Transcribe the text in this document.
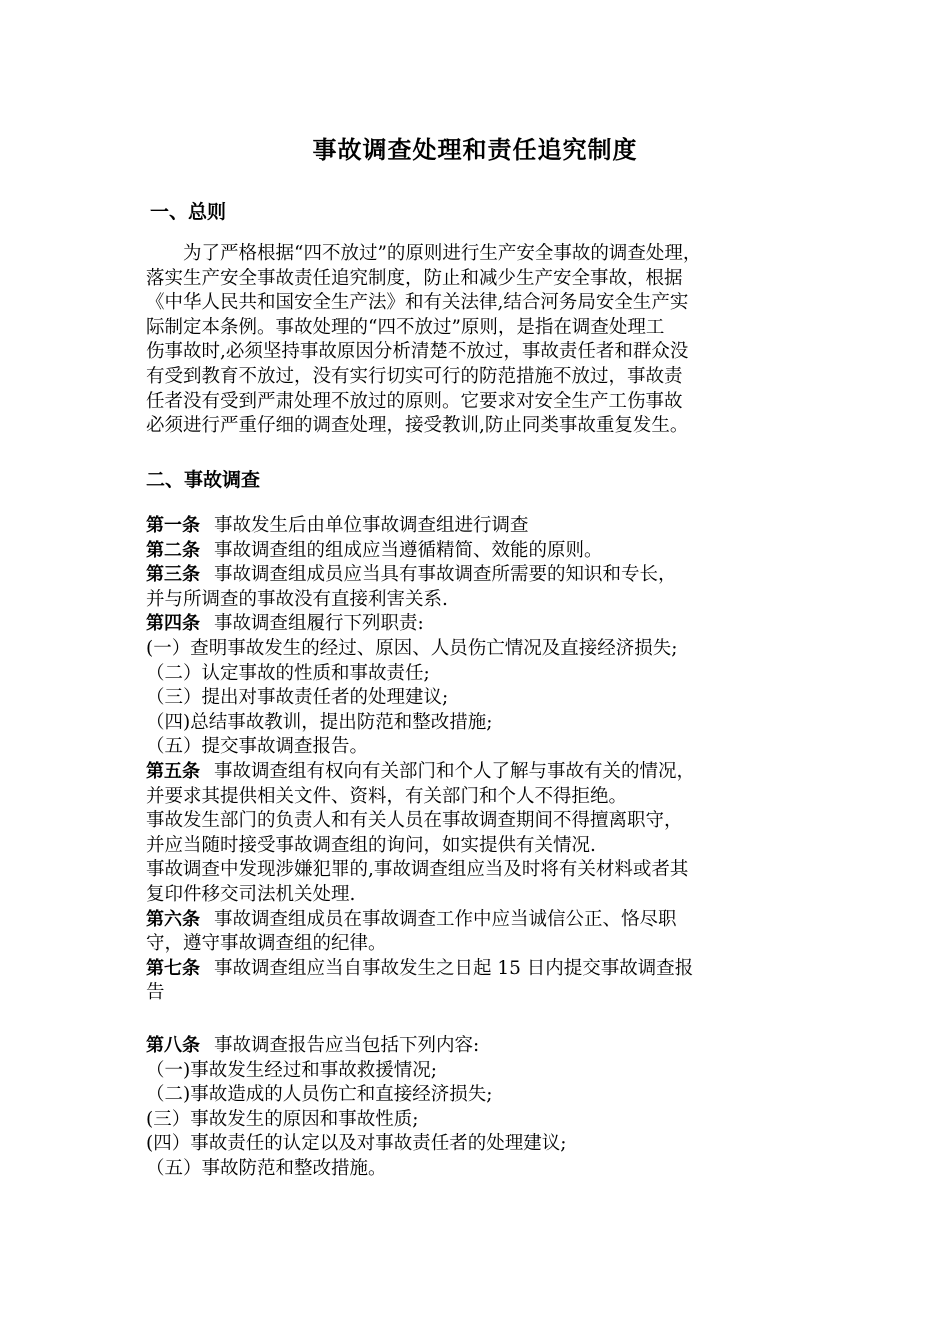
事故调查处理和责任追究制度
一、总则
　　为了严格根据“四不放过”的原则进行生产安全事故的调查处理，
落实生产安全事故责任追究制度，防止和减少生产安全事故，根据
《中华人民共和国安全生产法》和有关法律,结合河务局安全生产实
际制定本条例。事故处理的“四不放过”原则，是指在调查处理工
伤事故时,必须坚持事故原因分析清楚不放过，事故责任者和群众没
有受到教育不放过，没有实行切实可行的防范措施不放过，事故责
任者没有受到严肃处理不放过的原则。它要求对安全生产工伤事故
必须进行严重仔细的调查处理，接受教训,防止同类事故重复发生。
二、事故调查
第一条 事故发生后由单位事故调查组进行调查
第二条 事故调查组的组成应当遵循精简、效能的原则。
第三条 事故调查组成员应当具有事故调查所需要的知识和专长，
并与所调查的事故没有直接利害关系.
第四条 事故调查组履行下列职责:
(一）查明事故发生的经过、原因、人员伤亡情况及直接经济损失;
（二）认定事故的性质和事故责任;
（三）提出对事故责任者的处理建议;
（四)总结事故教训，提出防范和整改措施;
（五）提交事故调查报告。
第五条 事故调查组有权向有关部门和个人了解与事故有关的情况，
并要求其提供相关文件、资料，有关部门和个人不得拒绝。
事故发生部门的负责人和有关人员在事故调查期间不得擅离职守，
并应当随时接受事故调查组的询问，如实提供有关情况.
事故调查中发现涉嫌犯罪的,事故调查组应当及时将有关材料或者其
复印件移交司法机关处理.
第六条 事故调查组成员在事故调查工作中应当诚信公正、恪尽职
守，遵守事故调查组的纪律。
第七条 事故调查组应当自事故发生之日起 15 日内提交事故调查报
告
第八条 事故调查报告应当包括下列内容:
（一)事故发生经过和事故救援情况;
（二)事故造成的人员伤亡和直接经济损失;
(三）事故发生的原因和事故性质;
(四）事故责任的认定以及对事故责任者的处理建议;
（五）事故防范和整改措施。
